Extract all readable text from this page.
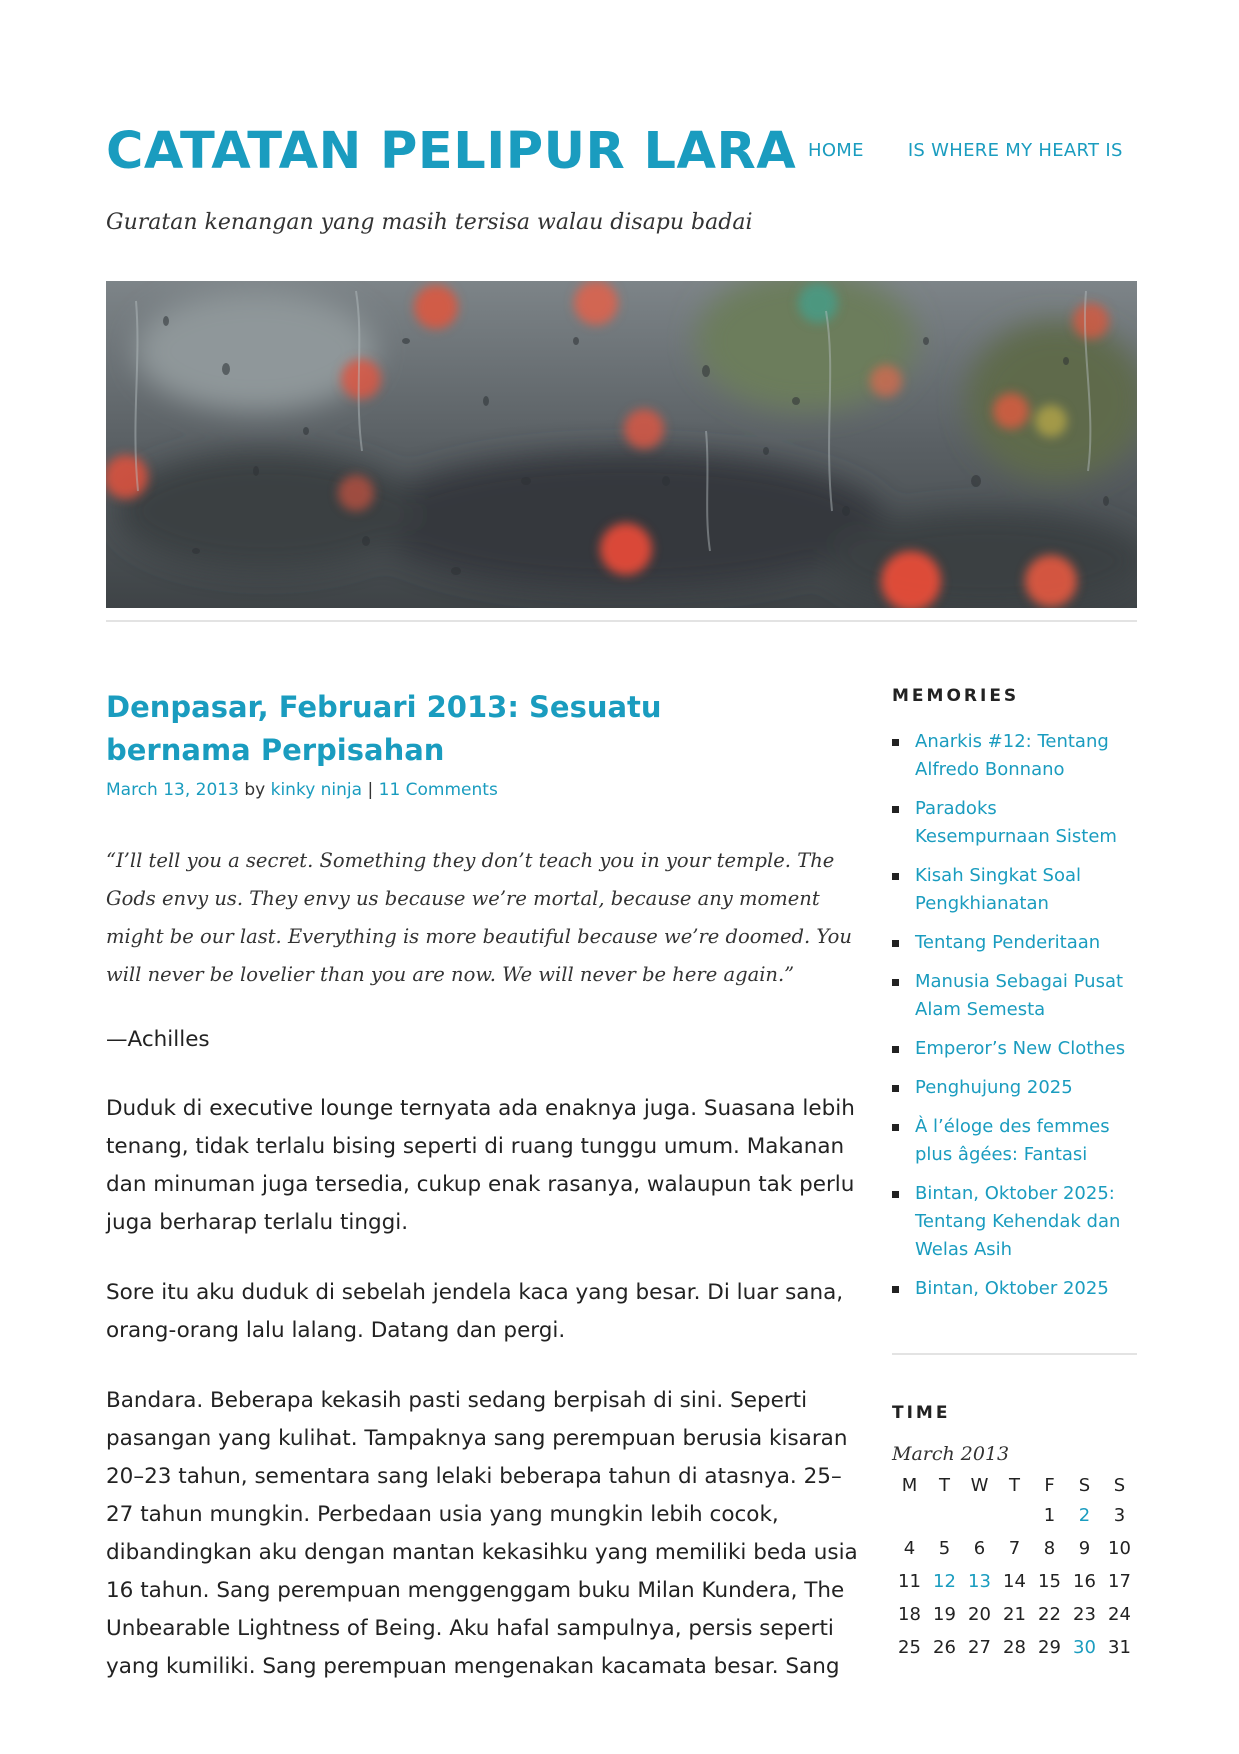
CATATAN PELIPUR LARA HOME IS WHERE MY HEART IS
Guratan kenangan yang masih tersisa walau disapu badai
Denpasar, Februari 2013: Sesuatu bernama Perpisahan
March 13, 2013 by kinky ninja | 11 Comments

“I’ll tell you a secret. Something they don’t teach you in your temple. The Gods envy us. They envy us because we’re mortal, because any moment might be our last. Everything is more beautiful because we’re doomed. You will never be lovelier than you are now. We will never be here again.”

—Achilles

Duduk di executive lounge ternyata ada enaknya juga. Suasana lebih tenang, tidak terlalu bising seperti di ruang tunggu umum. Makanan dan minuman juga tersedia, cukup enak rasanya, walaupun tak perlu juga berharap terlalu tinggi.

Sore itu aku duduk di sebelah jendela kaca yang besar. Di luar sana, orang-orang lalu lalang. Datang dan pergi.

Bandara. Beberapa kekasih pasti sedang berpisah di sini. Seperti pasangan yang kulihat. Tampaknya sang perempuan berusia kisaran 20–23 tahun, sementara sang lelaki beberapa tahun di atasnya. 25–27 tahun mungkin. Perbedaan usia yang mungkin lebih cocok, dibandingkan aku dengan mantan kekasihku yang memiliki beda usia 16 tahun. Sang perempuan menggenggam buku Milan Kundera, The Unbearable Lightness of Being. Aku hafal sampulnya, persis seperti yang kumiliki. Sang perempuan mengenakan kacamata besar. Sang

MEMORIES
Anarkis #12: Tentang Alfredo Bonnano
Paradoks Kesempurnaan Sistem
Kisah Singkat Soal Pengkhianatan
Tentang Penderitaan
Manusia Sebagai Pusat Alam Semesta
Emperor’s New Clothes
Penghujung 2025
À l’éloge des femmes plus âgées: Fantasi
Bintan, Oktober 2025: Tentang Kehendak dan Welas Asih
Bintan, Oktober 2025
TIME
March 2013
M	T	W	T	F	S	S
				1	2	3
4	5	6	7	8	9	10
11	12	13	14	15	16	17
18	19	20	21	22	23	24
25	26	27	28	29	30	31
